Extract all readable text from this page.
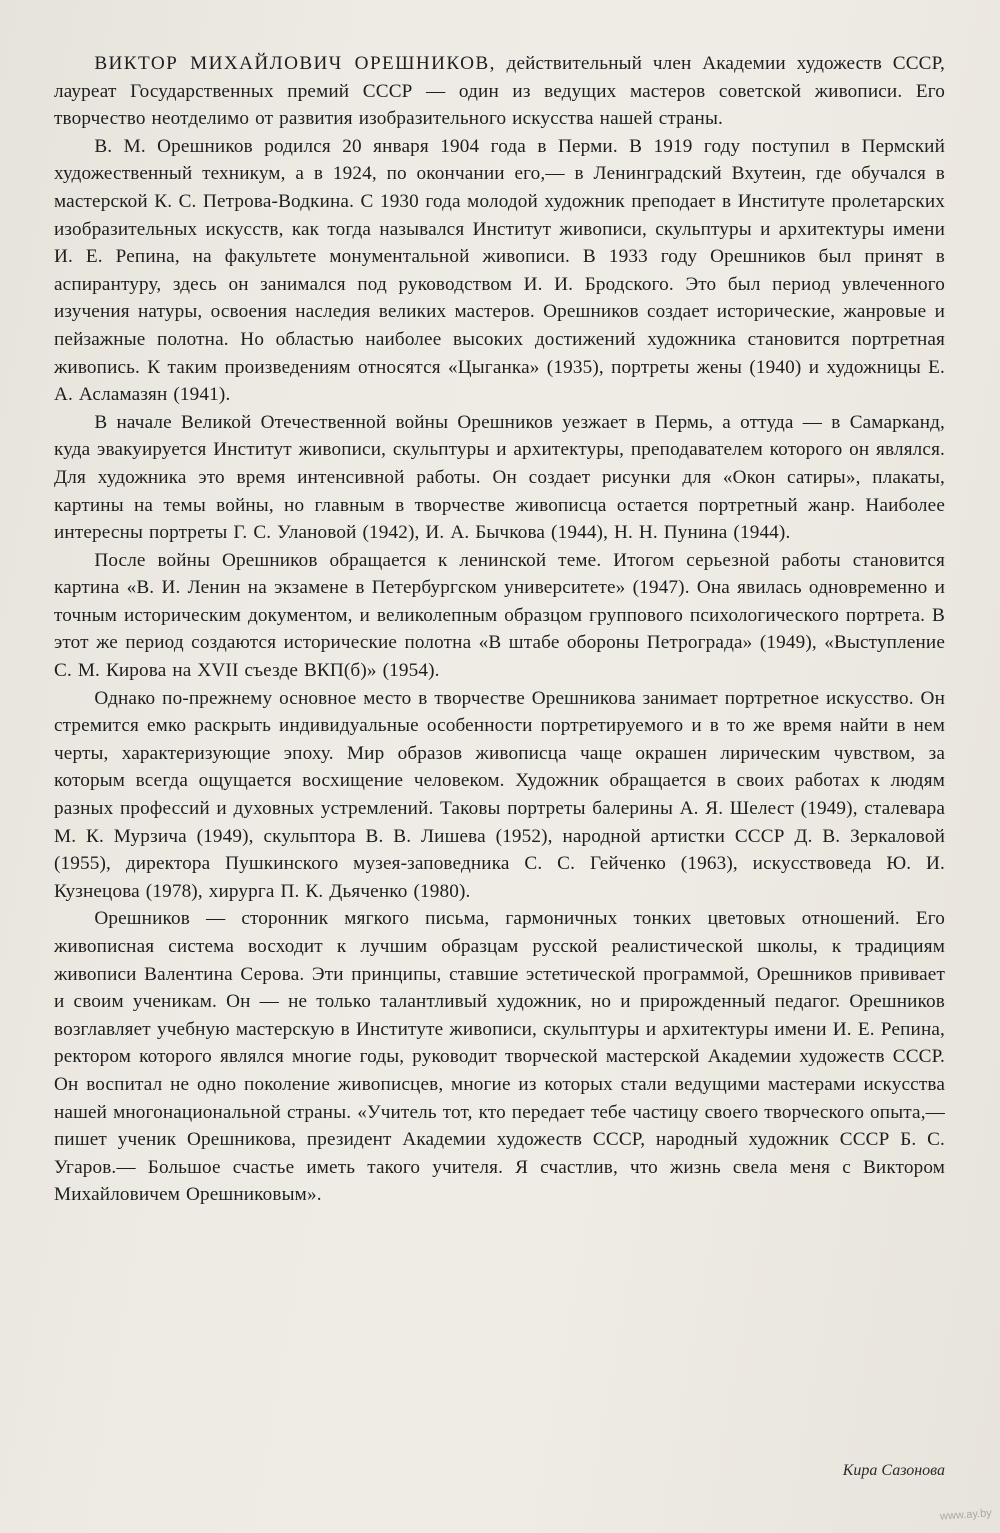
ВИКТОР МИХАЙЛОВИЧ ОРЕШНИКОВ, действительный член Академии художеств СССР, лауреат Государственных премий СССР — один из ведущих мастеров советской живописи. Его творчество неотделимо от развития изобразительного искусства нашей страны.

В. М. Орешников родился 20 января 1904 года в Перми. В 1919 году поступил в Пермский художественный техникум, а в 1924, по окончании его,— в Ленинградский Вхутеин, где обучался в мастерской К. С. Петрова-Водкина. С 1930 года молодой художник преподает в Институте пролетарских изобразительных искусств, как тогда назывался Институт живописи, скульптуры и архитектуры имени И. Е. Репина, на факультете монументальной живописи. В 1933 году Орешников был принят в аспирантуру, здесь он занимался под руководством И. И. Бродского. Это был период увлеченного изучения натуры, освоения наследия великих мастеров. Орешников создает исторические, жанровые и пейзажные полотна. Но областью наиболее высоких достижений художника становится портретная живопись. К таким произведениям относятся «Цыганка» (1935), портреты жены (1940) и художницы Е. А. Асламазян (1941).

В начале Великой Отечественной войны Орешников уезжает в Пермь, а оттуда — в Самарканд, куда эвакуируется Институт живописи, скульптуры и архитектуры, преподавателем которого он являлся. Для художника это время интенсивной работы. Он создает рисунки для «Окон сатиры», плакаты, картины на темы войны, но главным в творчестве живописца остается портретный жанр. Наиболее интересны портреты Г. С. Улановой (1942), И. А. Бычкова (1944), Н. Н. Пунина (1944).

После войны Орешников обращается к ленинской теме. Итогом серьезной работы становится картина «В. И. Ленин на экзамене в Петербургском университете» (1947). Она явилась одновременно и точным историческим документом, и великолепным образцом группового психологического портрета. В этот же период создаются исторические полотна «В штабе обороны Петрограда» (1949), «Выступление С. М. Кирова на XVII съезде ВКП(б)» (1954).

Однако по-прежнему основное место в творчестве Орешникова занимает портретное искусство. Он стремится емко раскрыть индивидуальные особенности портретируемого и в то же время найти в нем черты, характеризующие эпоху. Мир образов живописца чаще окрашен лирическим чувством, за которым всегда ощущается восхищение человеком. Художник обращается в своих работах к людям разных профессий и духовных устремлений. Таковы портреты балерины А. Я. Шелест (1949), сталевара М. К. Мурзича (1949), скульптора В. В. Лишева (1952), народной артистки СССР Д. В. Зеркаловой (1955), директора Пушкинского музея-заповедника С. С. Гейченко (1963), искусствоведа Ю. И. Кузнецова (1978), хирурга П. К. Дьяченко (1980).

Орешников — сторонник мягкого письма, гармоничных тонких цветовых отношений. Его живописная система восходит к лучшим образцам русской реалистической школы, к традициям живописи Валентина Серова. Эти принципы, ставшие эстетической программой, Орешников прививает и своим ученикам. Он — не только талантливый художник, но и прирожденный педагог. Орешников возглавляет учебную мастерскую в Институте живописи, скульптуры и архитектуры имени И. Е. Репина, ректором которого являлся многие годы, руководит творческой мастерской Академии художеств СССР. Он воспитал не одно поколение живописцев, многие из которых стали ведущими мастерами искусства нашей многонациональной страны. «Учитель тот, кто передает тебе частицу своего творческого опыта,— пишет ученик Орешникова, президент Академии художеств СССР, народный художник СССР Б. С. Угаров.— Большое счастье иметь такого учителя. Я счастлив, что жизнь свела меня с Виктором Михайловичем Орешниковым».

Кира Сазонова
www.ay.by
